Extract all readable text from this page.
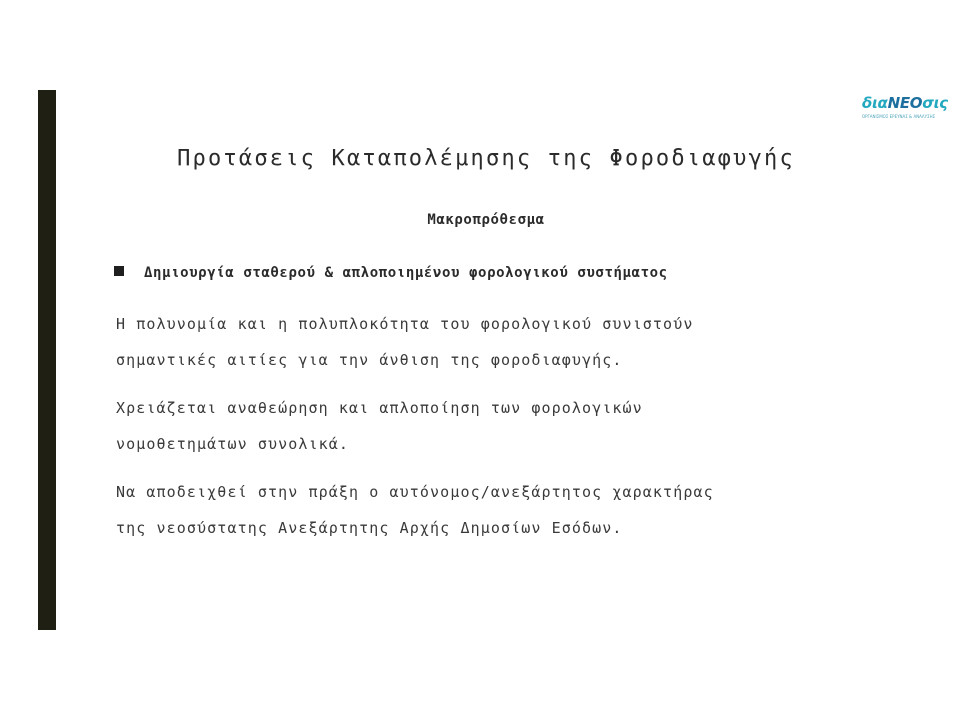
διαΝΕΟσις
ΟΡΓΑΝΙΣΜΟΣ ΕΡΕΥΝΑΣ & ΑΝΑΛΥΣΗΣ
Προτάσεις Καταπολέμησης της Φοροδιαφυγής
Μακροπρόθεσμα
Δημιουργία σταθερού & απλοποιημένου φορολογικού συστήματος
Η πολυνομία και η πολυπλοκότητα του φορολογικού συνιστούν
σημαντικές αιτίες για την άνθιση της φοροδιαφυγής.
Χρειάζεται αναθεώρηση και απλοποίηση των φορολογικών
νομοθετημάτων συνολικά.
Να αποδειχθεί στην πράξη ο αυτόνομος/ανεξάρτητος χαρακτήρας
της νεοσύστατης Ανεξάρτητης Αρχής Δημοσίων Εσόδων.
